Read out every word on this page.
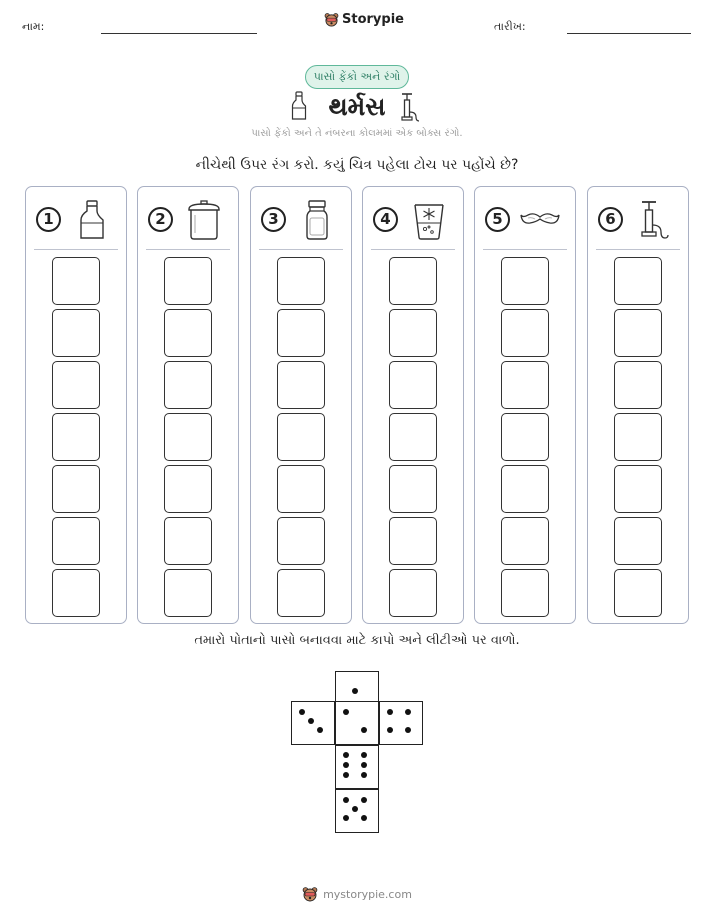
નામ:	Storypie	તારીખ:
પાસો ફેંકો અને રંગો
થર્મસ
પાસો ફેંકો અને તે નંબરના કોલમમાં એક બોક્સ રંગો.
નીચેથી ઉપર રંગ કરો. કયું ચિત્ર પહેલા ટોચ પર પહોંચે છે?
1	2	3	4	5	6
તમારો પોતાનો પાસો બનાવવા માટે કાપો અને લીટીઓ પર વાળો.
mystorypie.com
